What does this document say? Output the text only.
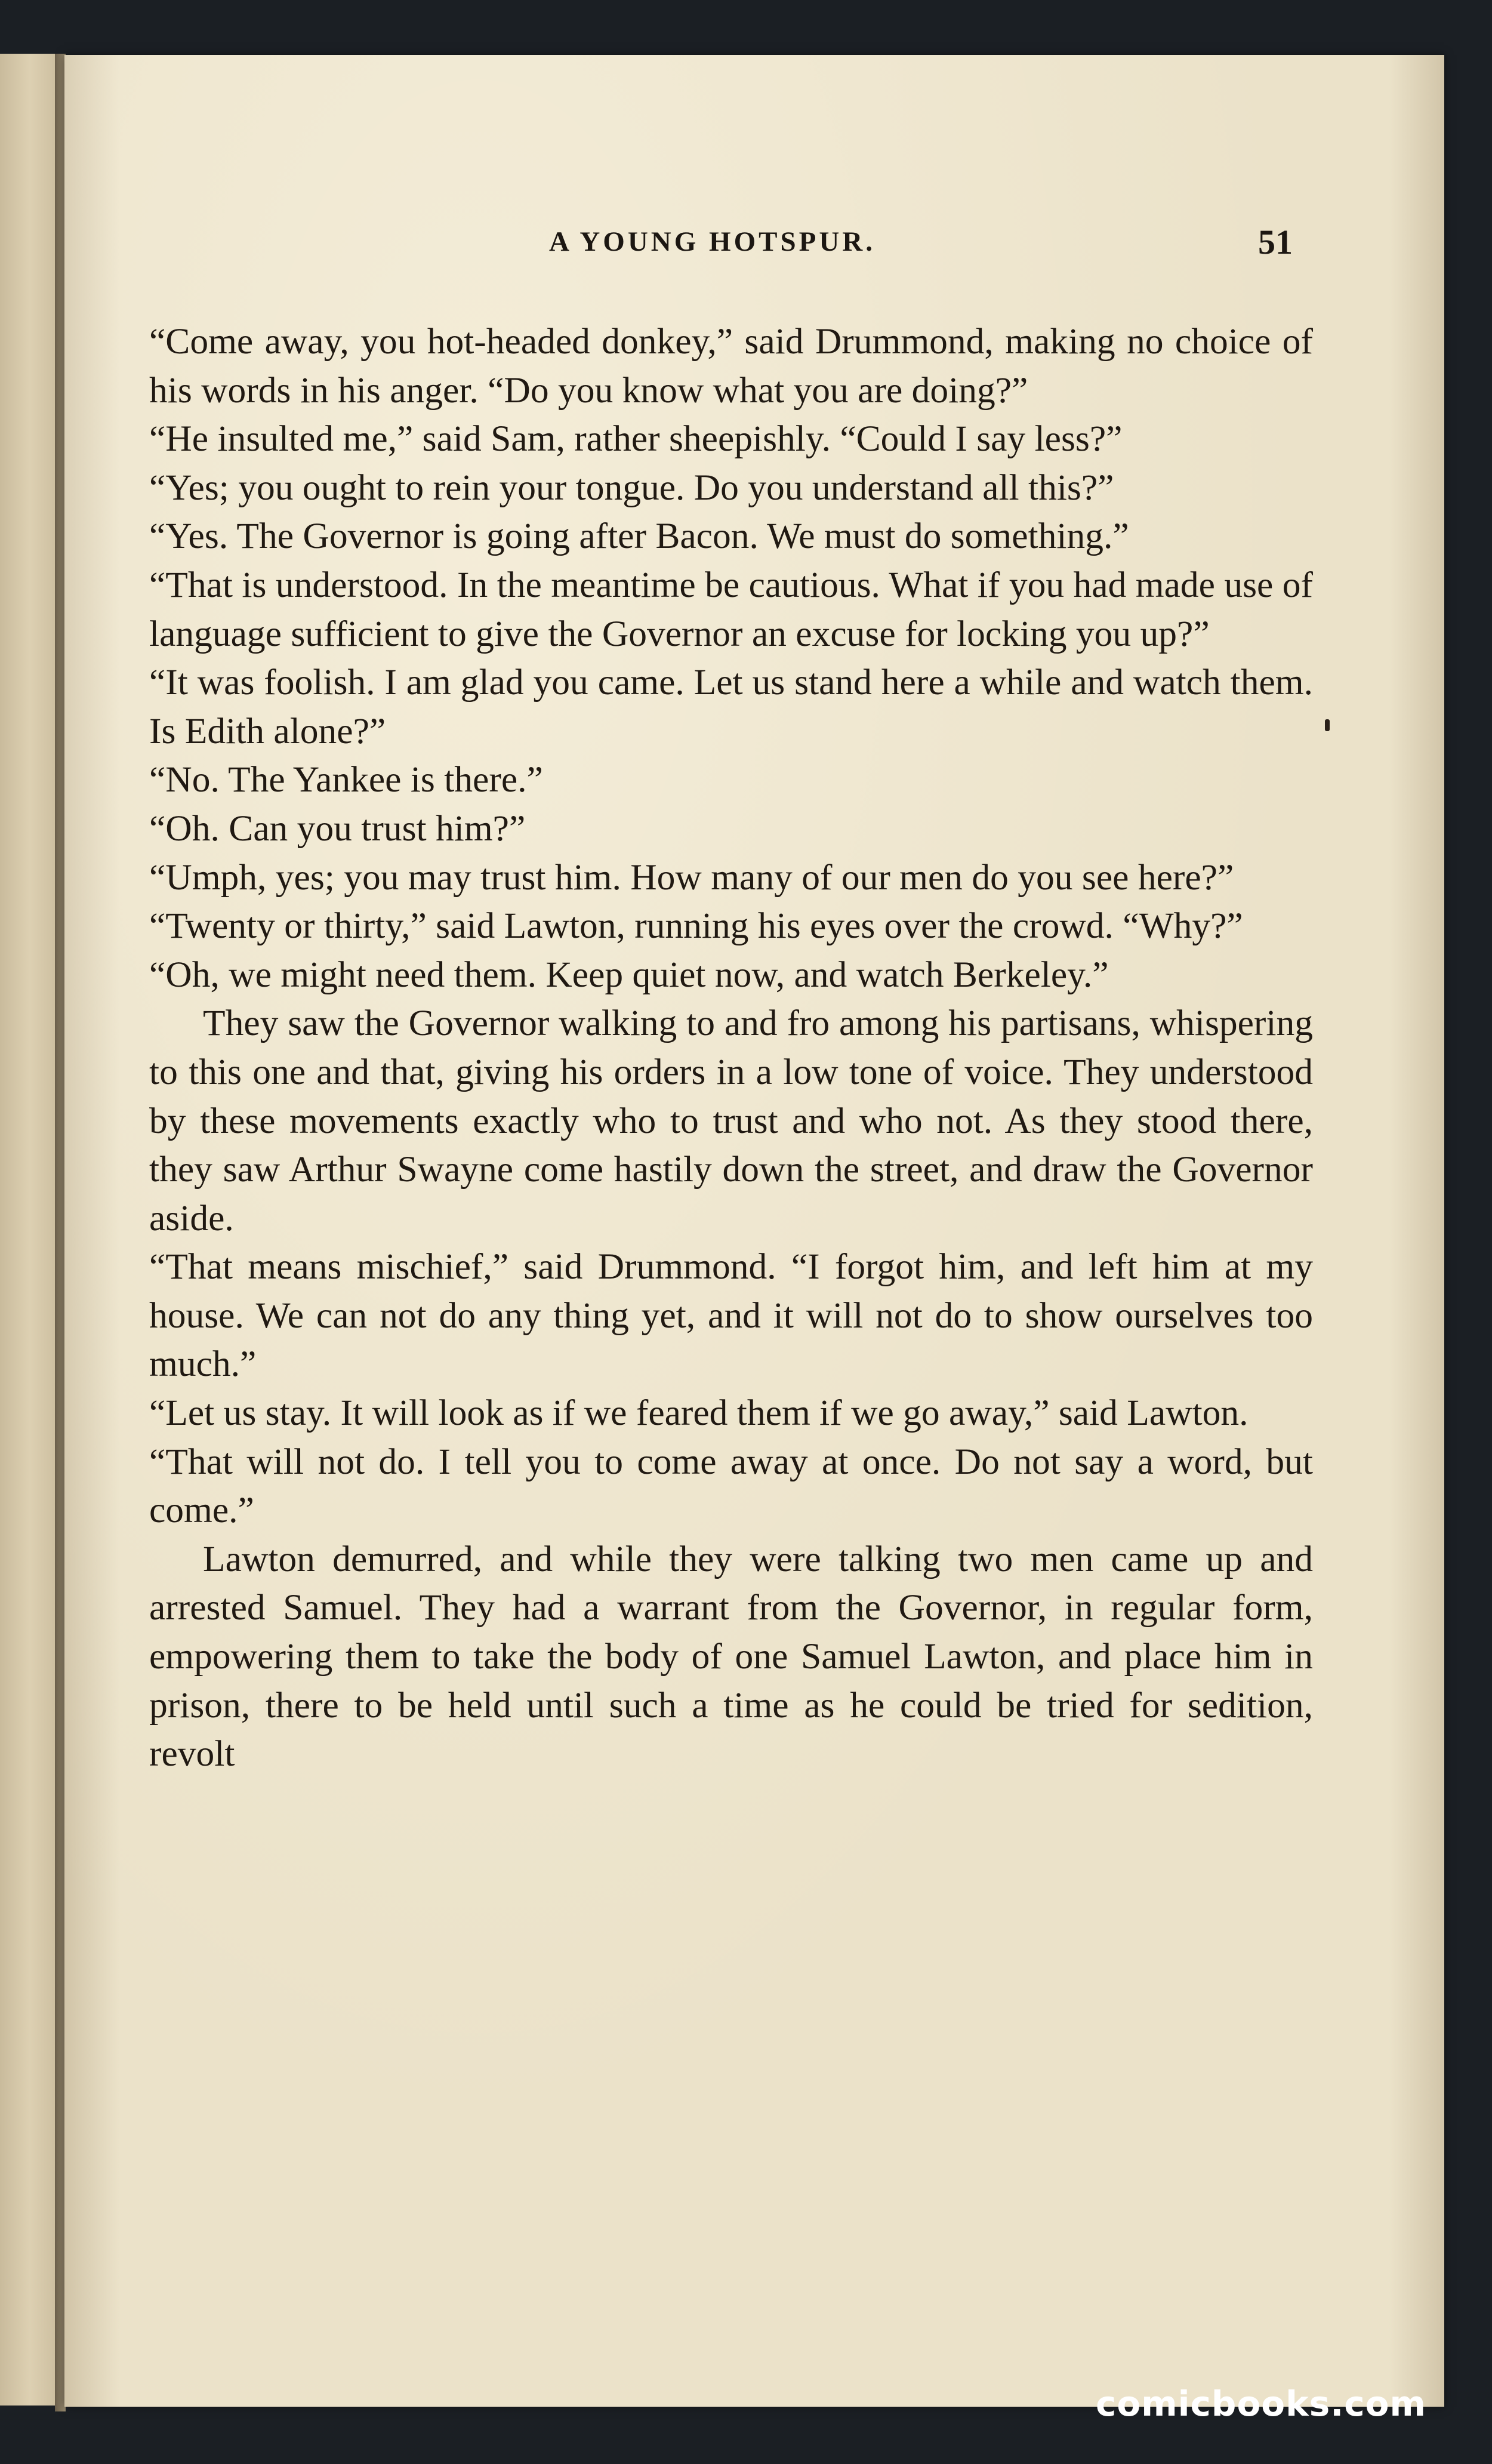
A YOUNG HOTSPUR.	51

“Come away, you hot-headed donkey,” said Drummond, making no choice of his words in his anger. “Do you know what you are doing?”

“He insulted me,” said Sam, rather sheepishly. “Could I say less?”

“Yes; you ought to rein your tongue. Do you understand all this?”

“Yes. The Governor is going after Bacon. We must do something.”

“That is understood. In the meantime be cautious. What if you had made use of language sufficient to give the Governor an excuse for locking you up?”

“It was foolish. I am glad you came. Let us stand here a while and watch them. Is Edith alone?”

“No. The Yankee is there.”

“Oh. Can you trust him?”

“Umph, yes; you may trust him. How many of our men do you see here?”

“Twenty or thirty,” said Lawton, running his eyes over the crowd. “Why?”

“Oh, we might need them. Keep quiet now, and watch Berkeley.”

They saw the Governor walking to and fro among his partisans, whispering to this one and that, giving his orders in a low tone of voice. They understood by these movements exactly who to trust and who not. As they stood there, they saw Arthur Swayne come hastily down the street, and draw the Governor aside.

“That means mischief,” said Drummond. “I forgot him, and left him at my house. We can not do any thing yet, and it will not do to show ourselves too much.”

“Let us stay. It will look as if we feared them if we go away,” said Lawton.

“That will not do. I tell you to come away at once. Do not say a word, but come.”

Lawton demurred, and while they were talking two men came up and arrested Samuel. They had a warrant from the Governor, in regular form, empowering them to take the body of one Samuel Lawton, and place him in prison, there to be held until such a time as he could be tried for sedition, revolt

comicbooks.com
